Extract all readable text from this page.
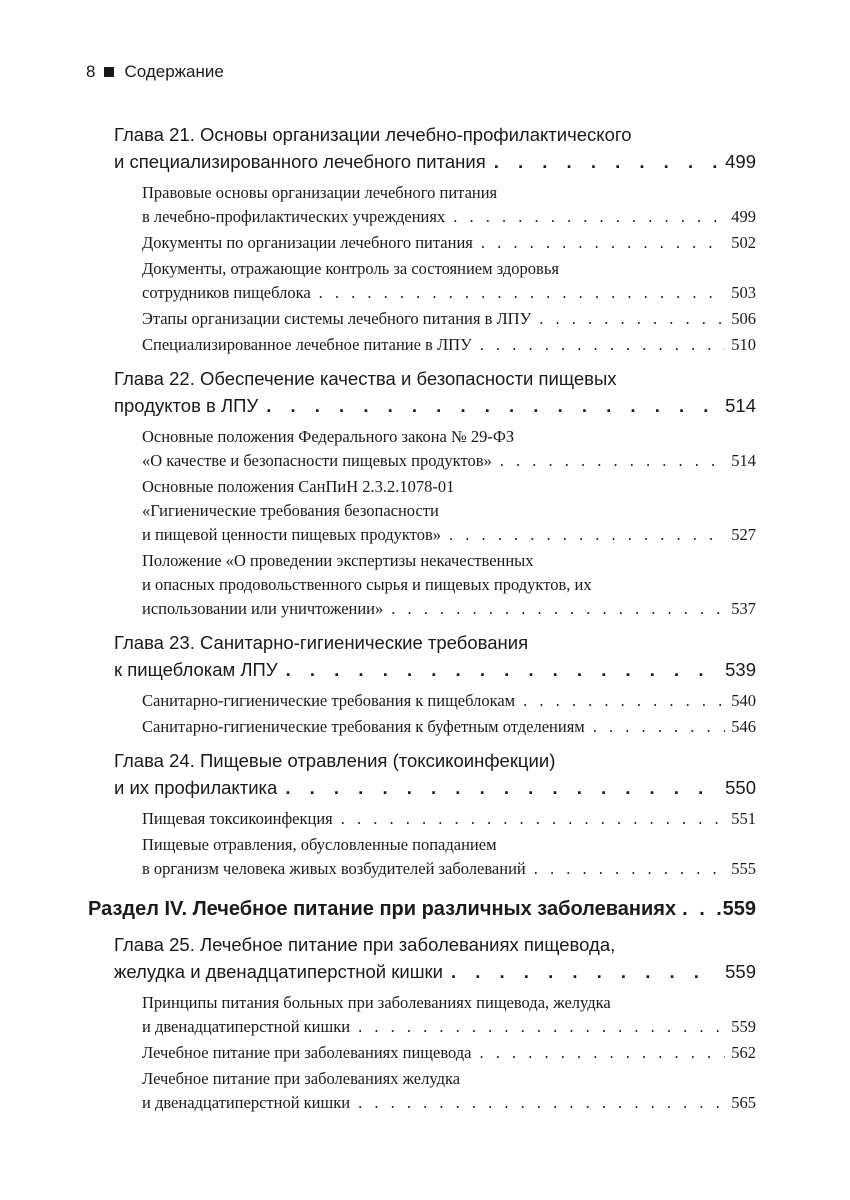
8 Содержание
Глава 21. Основы организации лечебно-профилактического
и специализированного лечебного питания . . .	499
Правовые основы организации лечебного питания
в лечебно-профилактических учреждениях . . .	499
Документы по организации лечебного питания . . .	502
Документы, отражающие контроль за состоянием здоровья
сотрудников пищеблока . . .	503
Этапы организации системы лечебного питания в ЛПУ . . .	506
Специализированное лечебное питание в ЛПУ . . .	510
Глава 22. Обеспечение качества и безопасности пищевых
продуктов в ЛПУ . . .	514
Основные положения Федерального закона № 29-ФЗ
«О качестве и безопасности пищевых продуктов» . . .	514
Основные положения СанПиН 2.3.2.1078-01
«Гигиенические требования безопасности
и пищевой ценности пищевых продуктов» . . .	527
Положение «О проведении экспертизы некачественных
и опасных продовольственного сырья и пищевых продуктов, их
использовании или уничтожении» . . .	537
Глава 23. Санитарно-гигиенические требования
к пищеблокам ЛПУ . . .	539
Санитарно-гигиенические требования к пищеблокам . . .	540
Санитарно-гигиенические требования к буфетным отделениям . . .	546
Глава 24. Пищевые отравления (токсикоинфекции)
и их профилактика . . .	550
Пищевая токсикоинфекция . . .	551
Пищевые отравления, обусловленные попаданием
в организм человека живых возбудителей заболеваний . . .	555
Раздел IV. Лечебное питание при различных заболеваниях . . . 559
Глава 25. Лечебное питание при заболеваниях пищевода,
желудка и двенадцатиперстной кишки . . .	559
Принципы питания больных при заболеваниях пищевода, желудка
и двенадцатиперстной кишки . . .	559
Лечебное питание при заболеваниях пищевода . . .	562
Лечебное питание при заболеваниях желудка
и двенадцатиперстной кишки . . .	565
